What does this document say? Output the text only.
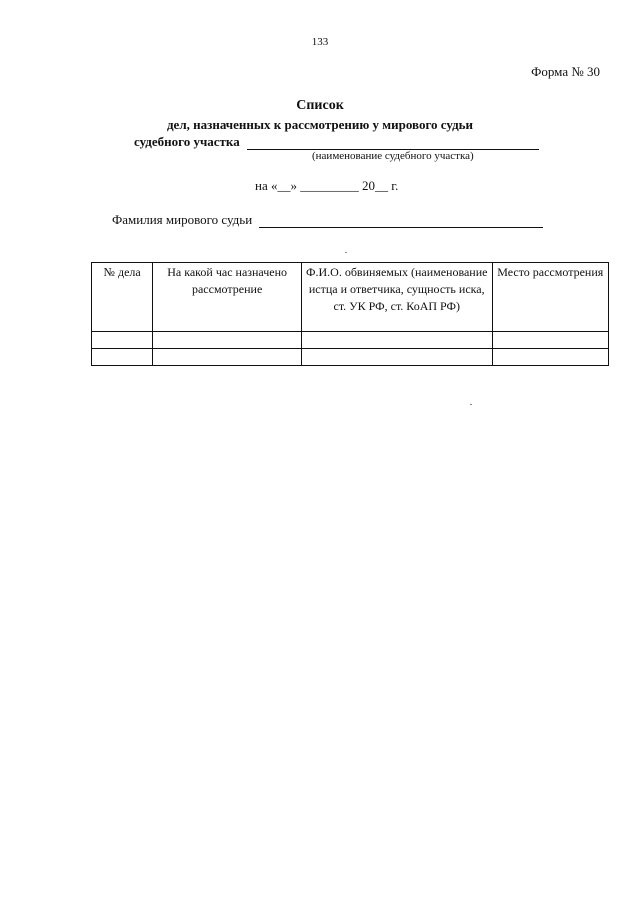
133
Форма № 30
Список
дел, назначенных к рассмотрению у мирового судьи
судебного участка
(наименование судебного участка)
на «__» _________ 20__ г.
Фамилия мирового судьи
№ дела	На какой час назначено рассмотрение	Ф.И.О. обвиняемых (наименование истца и ответчика, сущность иска, ст. УК РФ, ст. КоАП РФ)	Место рассмотрения
